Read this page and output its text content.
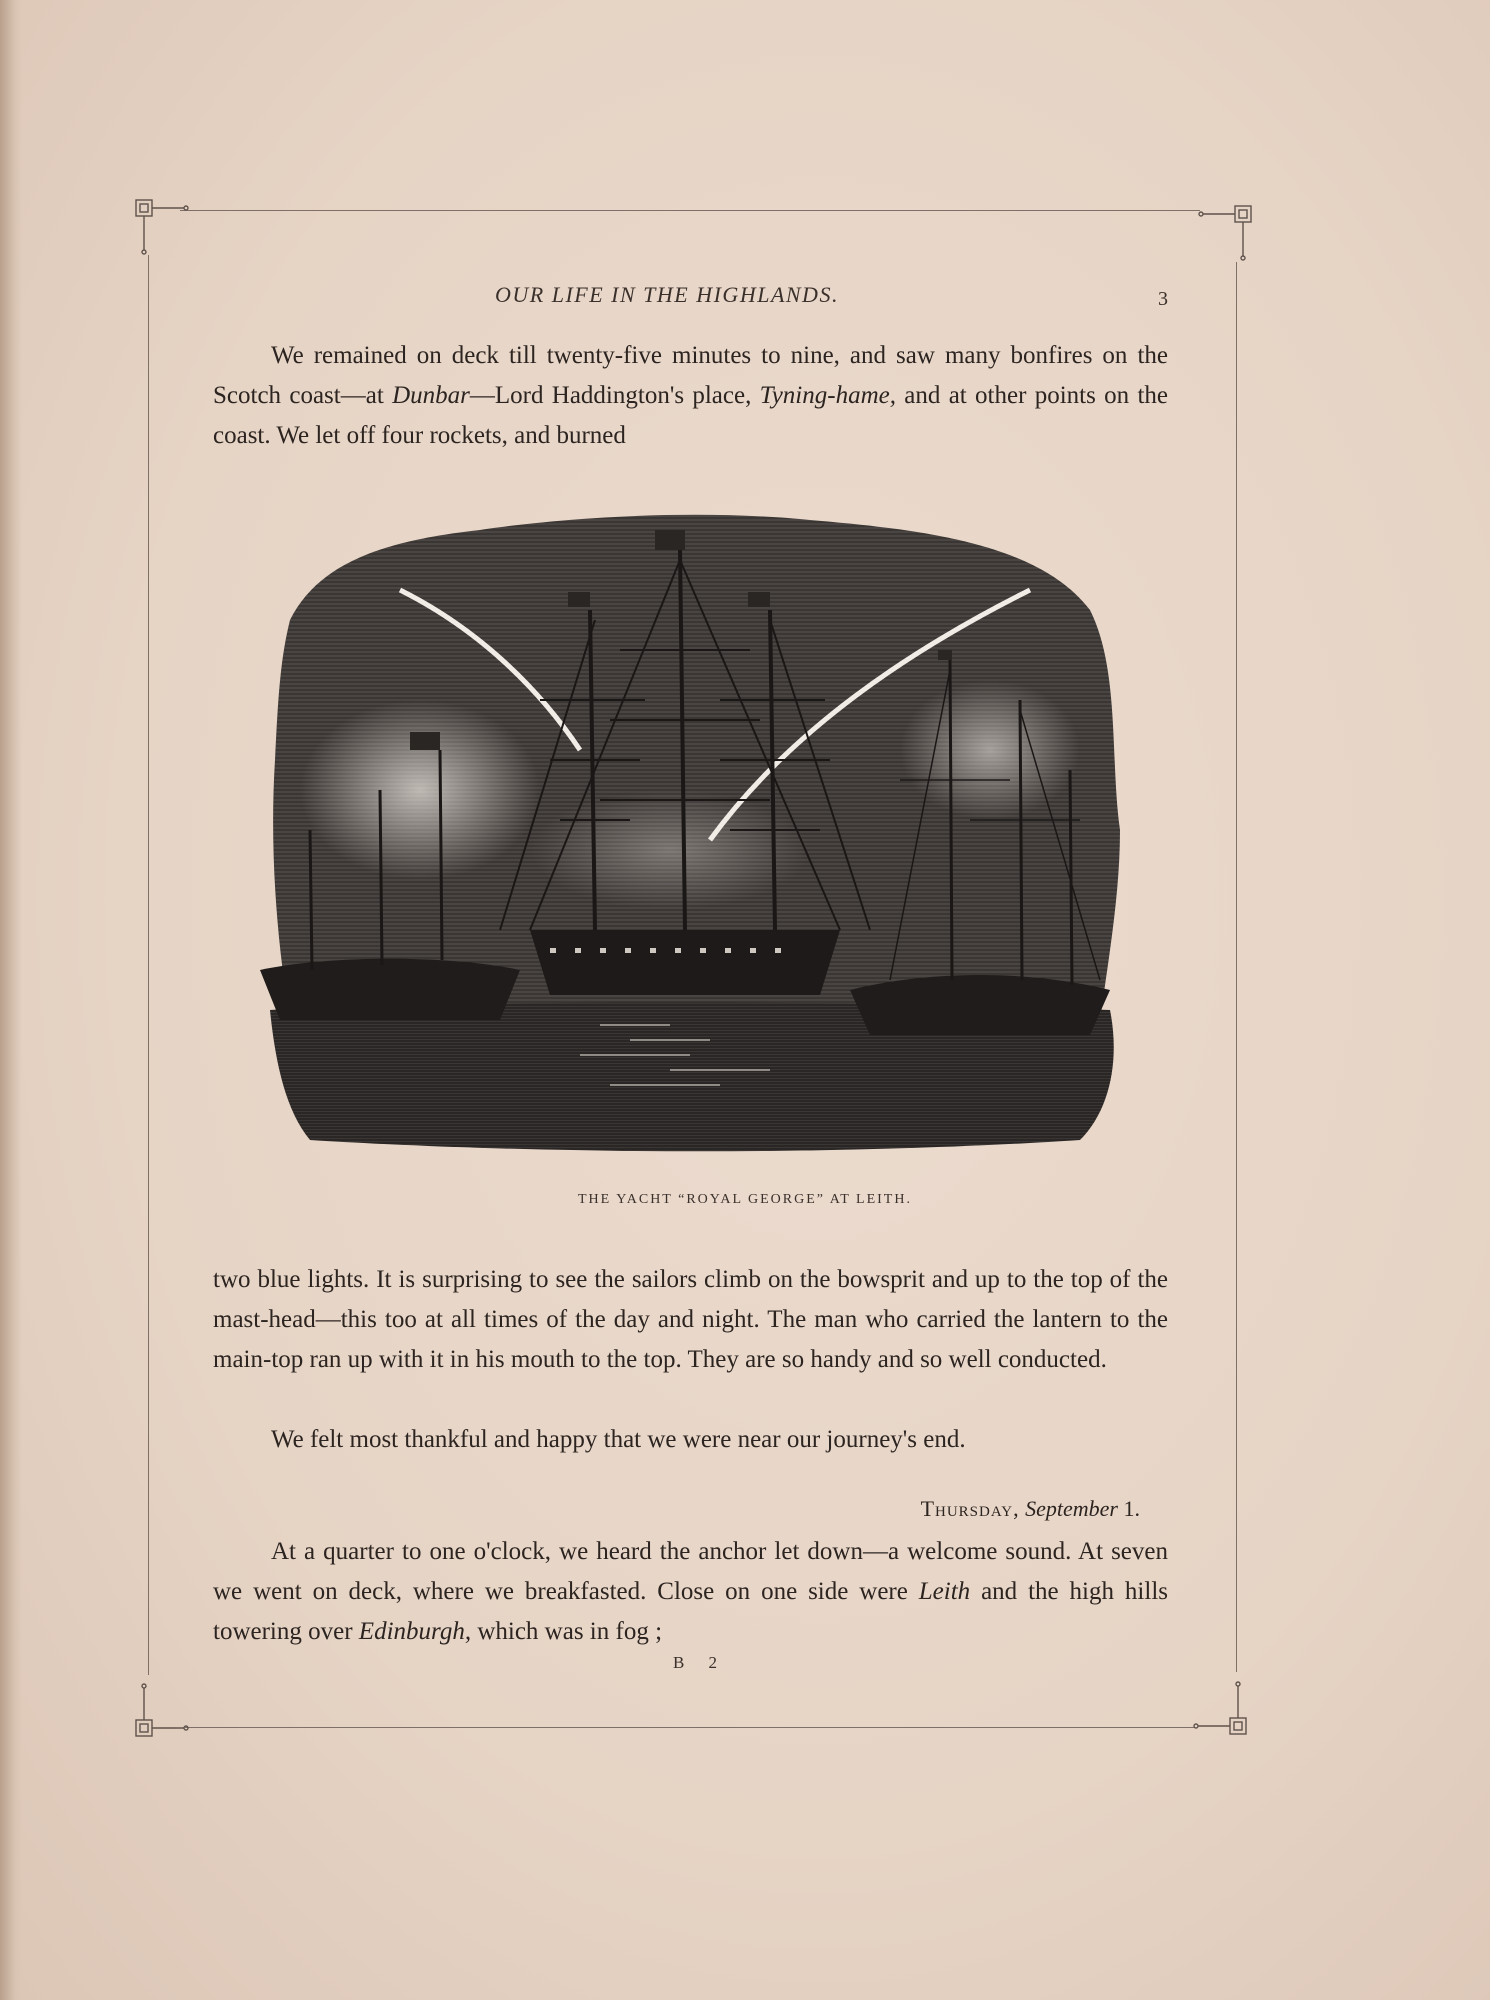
OUR LIFE IN THE HIGHLANDS.	3

We remained on deck till twenty-five minutes to nine, and saw many bonfires on the Scotch coast—at Dunbar—Lord Haddington's place, Tyning-hame, and at other points on the coast. We let off four rockets, and burned

THE YACHT “ROYAL GEORGE” AT LEITH.

two blue lights. It is surprising to see the sailors climb on the bowsprit and up to the top of the mast-head—this too at all times of the day and night. The man who carried the lantern to the main-top ran up with it in his mouth to the top. They are so handy and so well conducted.

We felt most thankful and happy that we were near our journey's end.

Thursday, September 1.

At a quarter to one o'clock, we heard the anchor let down—a welcome sound. At seven we went on deck, where we breakfasted. Close on one side were Leith and the high hills towering over Edinburgh, which was in fog ;

B 2
